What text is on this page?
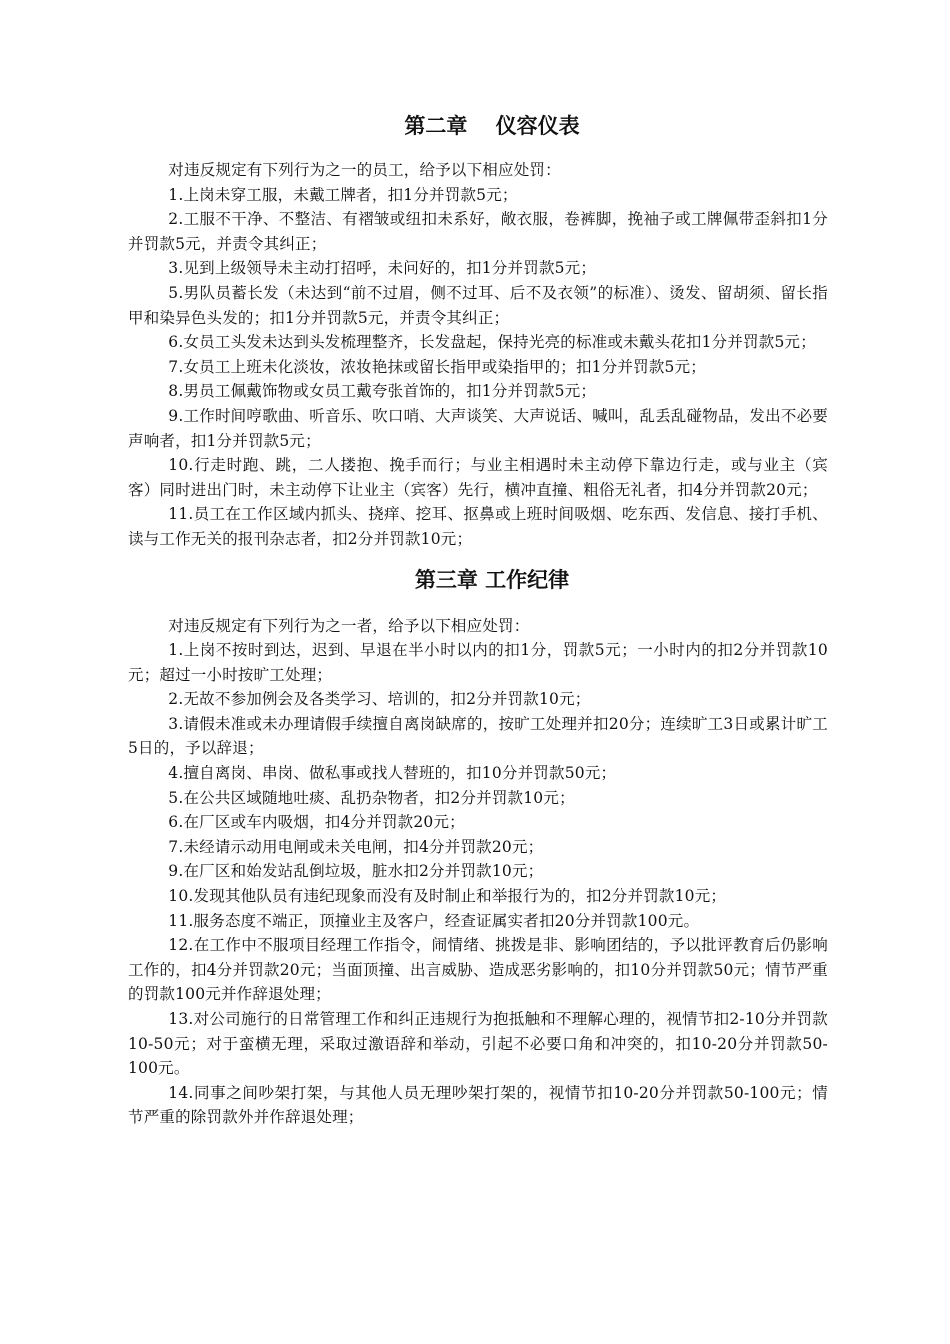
第二章　 仪容仪表

对违反规定有下列行为之一的员工，给予以下相应处罚：

1.上岗未穿工服，未戴工牌者，扣1分并罚款5元；

2.工服不干净、不整洁、有褶皱或纽扣未系好，敞衣服，卷裤脚，挽袖子或工牌佩带歪斜扣1分并罚款5元，并责令其纠正；

3.见到上级领导未主动打招呼，未问好的，扣1分并罚款5元；

5.男队员蓄长发（未达到“前不过眉，侧不过耳、后不及衣领”的标准）、烫发、留胡须、留长指甲和染异色头发的；扣1分并罚款5元，并责令其纠正；

6.女员工头发未达到头发梳理整齐，长发盘起，保持光亮的标准或未戴头花扣1分并罚款5元；

7.女员工上班未化淡妆，浓妆艳抹或留长指甲或染指甲的；扣1分并罚款5元；

8.男员工佩戴饰物或女员工戴夸张首饰的，扣1分并罚款5元；

9.工作时间哼歌曲、听音乐、吹口哨、大声谈笑、大声说话、喊叫，乱丢乱碰物品，发出不必要声响者，扣1分并罚款5元；

10.行走时跑、跳，二人搂抱、挽手而行；与业主相遇时未主动停下靠边行走，或与业主（宾客）同时进出门时，未主动停下让业主（宾客）先行，横冲直撞、粗俗无礼者，扣4分并罚款20元；

11.员工在工作区域内抓头、挠痒、挖耳、抠鼻或上班时间吸烟、吃东西、发信息、接打手机、读与工作无关的报刊杂志者，扣2分并罚款10元；

第三章 工作纪律

对违反规定有下列行为之一者，给予以下相应处罚：

1.上岗不按时到达，迟到、早退在半小时以内的扣1分，罚款5元；一小时内的扣2分并罚款10元；超过一小时按旷工处理；

2.无故不参加例会及各类学习、培训的，扣2分并罚款10元；

3.请假未准或未办理请假手续擅自离岗缺席的，按旷工处理并扣20分；连续旷工3日或累计旷工5日的，予以辞退；

4.擅自离岗、串岗、做私事或找人替班的，扣10分并罚款50元；

5.在公共区域随地吐痰、乱扔杂物者，扣2分并罚款10元；

6.在厂区或车内吸烟，扣4分并罚款20元；

7.未经请示动用电闸或未关电闸，扣4分并罚款20元；

9.在厂区和始发站乱倒垃圾，脏水扣2分并罚款10元；

10.发现其他队员有违纪现象而没有及时制止和举报行为的，扣2分并罚款10元；

11.服务态度不端正，顶撞业主及客户，经查证属实者扣20分并罚款100元。

12.在工作中不服项目经理工作指令，闹情绪、挑拨是非、影响团结的，予以批评教育后仍影响工作的，扣4分并罚款20元；当面顶撞、出言威胁、造成恶劣影响的，扣10分并罚款50元；情节严重的罚款100元并作辞退处理；

13.对公司施行的日常管理工作和纠正违规行为抱抵触和不理解心理的，视情节扣2-10分并罚款10-50元；对于蛮横无理，采取过激语辞和举动，引起不必要口角和冲突的，扣10-20分并罚款50-100元。

14.同事之间吵架打架，与其他人员无理吵架打架的，视情节扣10-20分并罚款50-100元；情节严重的除罚款外并作辞退处理；
